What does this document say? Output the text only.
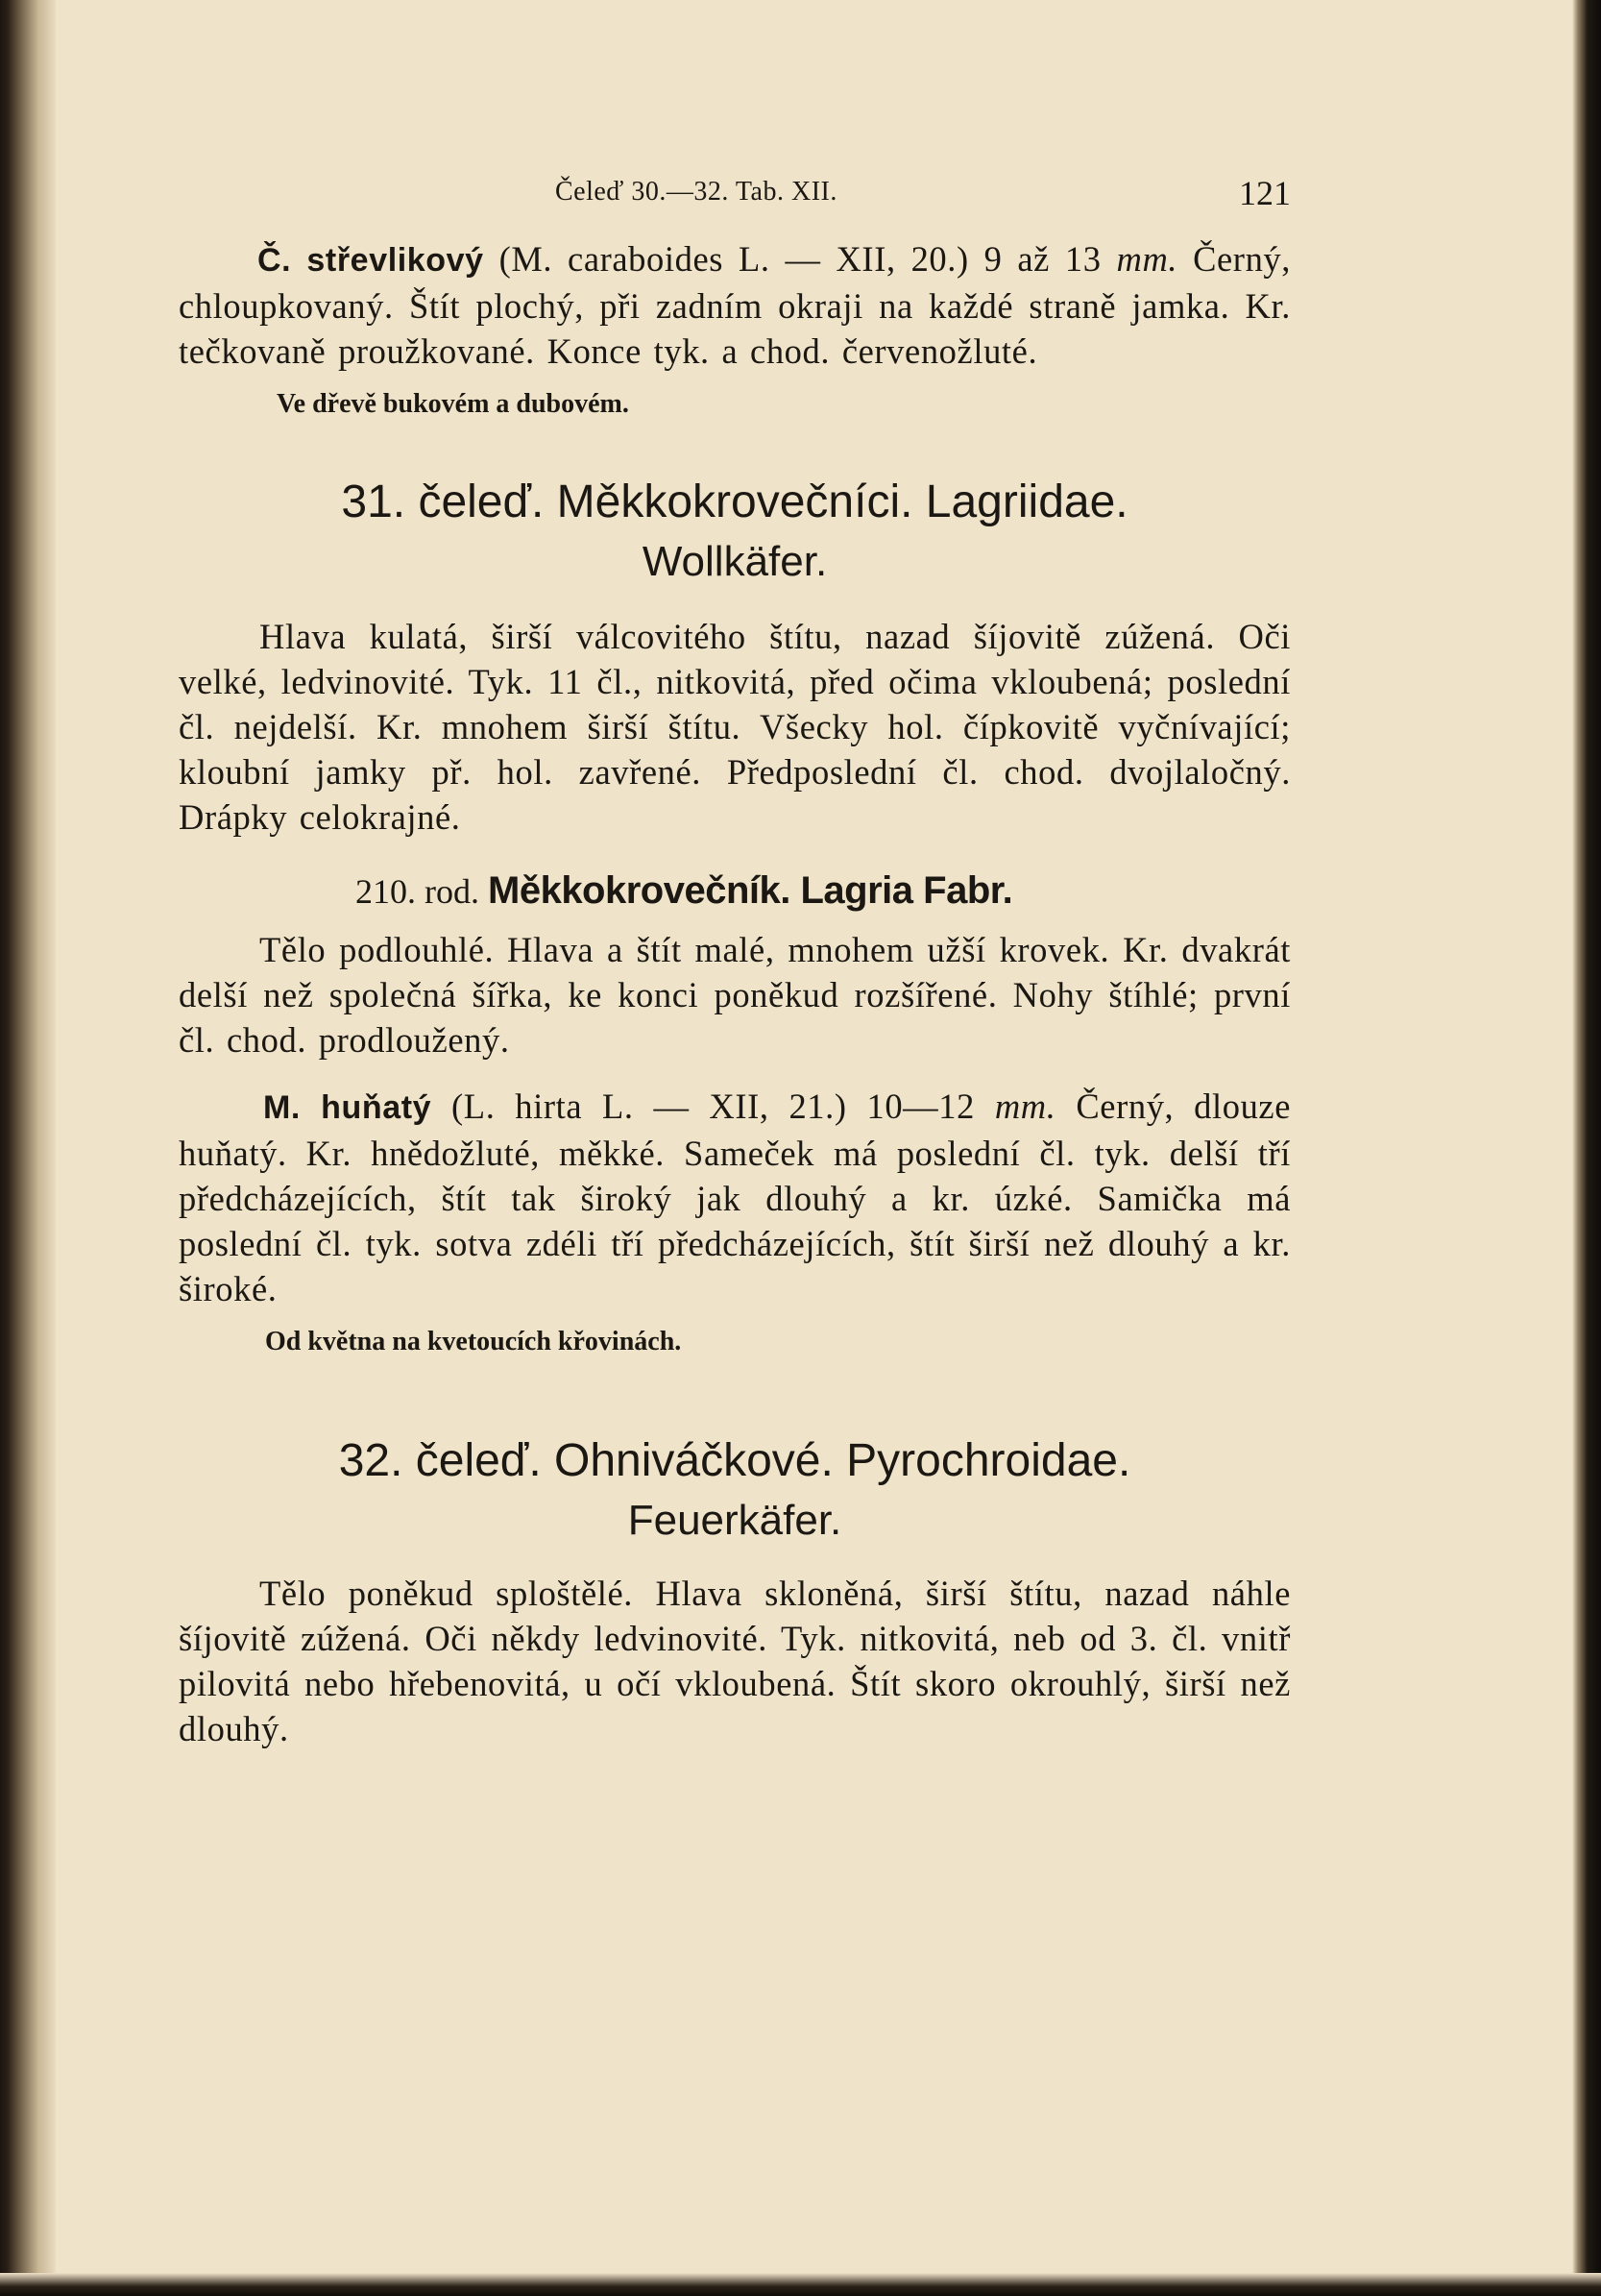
Čeleď 30.—32. Tab. XII.	121

Č. střevlikový (M. caraboides L. — XII, 20.) 9 až 13 mm. Černý, chloupkovaný. Štít plochý, při zadním okraji na každé straně jamka. Kr. tečkovaně proužkované. Konce tyk. a chod. červenožluté.

Ve dřevě bukovém a dubovém.

31. čeleď. Měkkokrovečníci. Lagriidae.
Wollkäfer.

Hlava kulatá, širší válcovitého štítu, nazad šíjovitě zúžená. Oči velké, ledvinovité. Tyk. 11 čl., nitkovitá, před očima vkloubená; poslední čl. nejdelší. Kr. mnohem širší štítu. Všecky hol. čípkovitě vyčnívající; kloubní jamky př. hol. zavřené. Předposlední čl. chod. dvojlaločný. Drápky celokrajné.

210. rod. Měkkokrovečník. Lagria Fabr.

Tělo podlouhlé. Hlava a štít malé, mnohem užší krovek. Kr. dvakrát delší než společná šířka, ke konci poněkud rozšířené. Nohy štíhlé; první čl. chod. prodloužený.

M. huňatý (L. hirta L. — XII, 21.) 10—12 mm. Černý, dlouze huňatý. Kr. hnědožluté, měkké. Sameček má poslední čl. tyk. delší tří předcházejících, štít tak široký jak dlouhý a kr. úzké. Samička má poslední čl. tyk. sotva zdéli tří předcházejících, štít širší než dlouhý a kr. široké.

Od května na kvetoucích křovinách.

32. čeleď. Ohniváčkové. Pyrochroidae.
Feuerkäfer.

Tělo poněkud sploštělé. Hlava skloněná, širší štítu, nazad náhle šíjovitě zúžená. Oči někdy ledvinovité. Tyk. nitkovitá, neb od 3. čl. vnitř pilovitá nebo hřebenovitá, u očí vkloubená. Štít skoro okrouhlý, širší než dlouhý.
